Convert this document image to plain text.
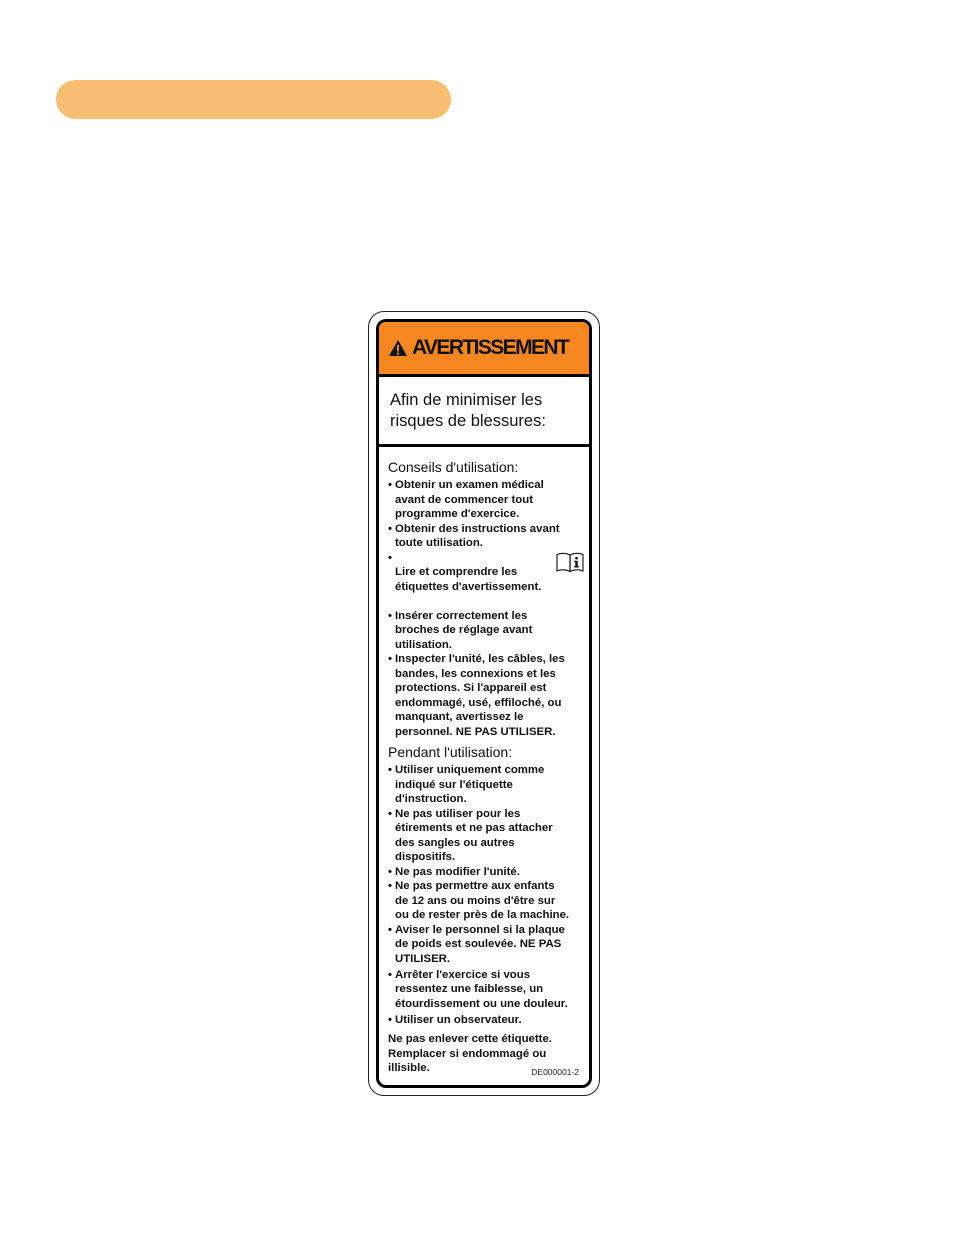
AVERTISSEMENT
Afin de minimiser les
risques de blessures:
Conseils d'utilisation:
• Obtenir un examen médical
avant de commencer tout
programme d'exercice.
• Obtenir des instructions avant
toute utilisation.

• Lire et comprendre les
étiquettes d'avertissement.

• Insérer correctement les
broches de réglage avant
utilisation.
• Inspecter l'unité, les câbles, les
bandes, les connexions et les
protections. Si l'appareil est
endommagé, usé, effiloché, ou
manquant, avertissez le
personnel. NE PAS UTILISER.
Pendant l'utilisation:
• Utiliser uniquement comme
indiqué sur l'étiquette
d'instruction.
• Ne pas utiliser pour les
étirements et ne pas attacher
des sangles ou autres
dispositifs.
• Ne pas modifier l'unité.
• Ne pas permettre aux enfants
de 12 ans ou moins d'être sur
ou de rester près de la machine.
• Aviser le personnel si la plaque
de poids est soulevée. NE PAS
UTILISER.
• Arrêter l'exercice si vous
ressentez une faiblesse, un
étourdissement ou une douleur.
• Utiliser un observateur.
Ne pas enlever cette étiquette.
Remplacer si endommagé ou
illisible.	DE000001-2
